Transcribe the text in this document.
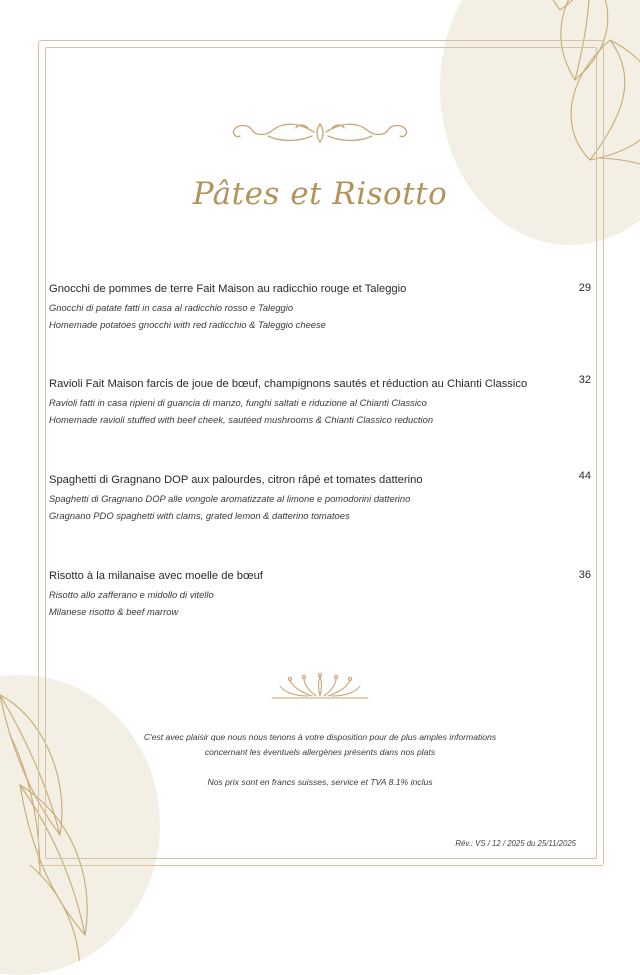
Pâtes et Risotto
Gnocchi de pommes de terre Fait Maison au radicchio rouge et Taleggio
Gnocchi di patate fatti in casa al radicchio rosso e Taleggio
Homemade potatoes gnocchi with red radicchio & Taleggio cheese
29
Ravioli Fait Maison farcis de joue de bœuf, champignons sautés et réduction au Chianti Classico
Ravioli fatti in casa ripieni di guancia di manzo, funghi saltati e riduzione al Chianti Classico
Homemade ravioli stuffed with beef cheek, sautéed mushrooms & Chianti Classico reduction
32
Spaghetti di Gragnano DOP aux palourdes, citron râpé et tomates datterino
Spaghetti di Gragnano DOP alle vongole aromatizzate al limone e pomodorini datterino
Gragnano PDO spaghetti with clams, grated lemon & datterino tomatoes
44
Risotto à la milanaise avec moelle de bœuf
Risotto allo zafferano e midollo di vitello
Milanese risotto & beef marrow
36
C'est avec plaisir que nous nous tenons à votre disposition pour de plus amples informations
concernant les éventuels allergènes présents dans nos plats
Nos prix sont en francs suisses, service et TVA 8.1% inclus
Rév.: VS / 12 / 2025 du 25/11/2025
